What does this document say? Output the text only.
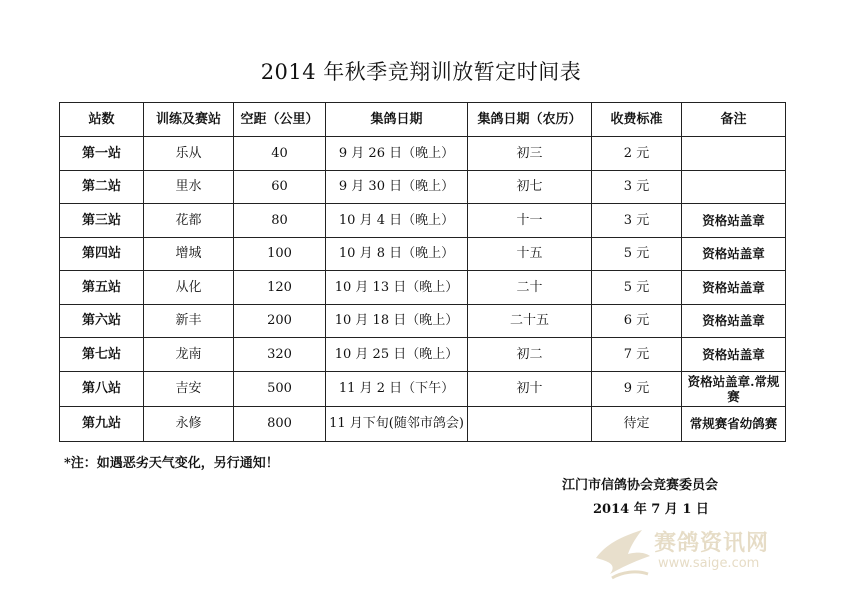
2014 年秋季竞翔训放暂定时间表
站数	训练及赛站	空距（公里）	集鸽日期	集鸽日期（农历）	收费标准	备注
第一站	乐从	40	9 月 26 日（晚上）	初三	2 元	
第二站	里水	60	9 月 30 日（晚上）	初七	3 元	
第三站	花都	80	10 月 4 日（晚上）	十一	3 元	资格站盖章
第四站	增城	100	10 月 8 日（晚上）	十五	5 元	资格站盖章
第五站	从化	120	10 月 13 日（晚上）	二十	5 元	资格站盖章
第六站	新丰	200	10 月 18 日（晚上）	二十五	6 元	资格站盖章
第七站	龙南	320	10 月 25 日（晚上）	初二	7 元	资格站盖章
第八站	吉安	500	11 月 2 日（下午）	初十	9 元	资格站盖章.常规赛
第九站	永修	800	11 月下旬(随邻市鸽会)		待定	常规赛省幼鸽赛
*注：如遇恶劣天气变化，另行通知！
江门市信鸽协会竞赛委员会
2014 年 7 月 1 日
赛鸽资讯网
www.saige.com
